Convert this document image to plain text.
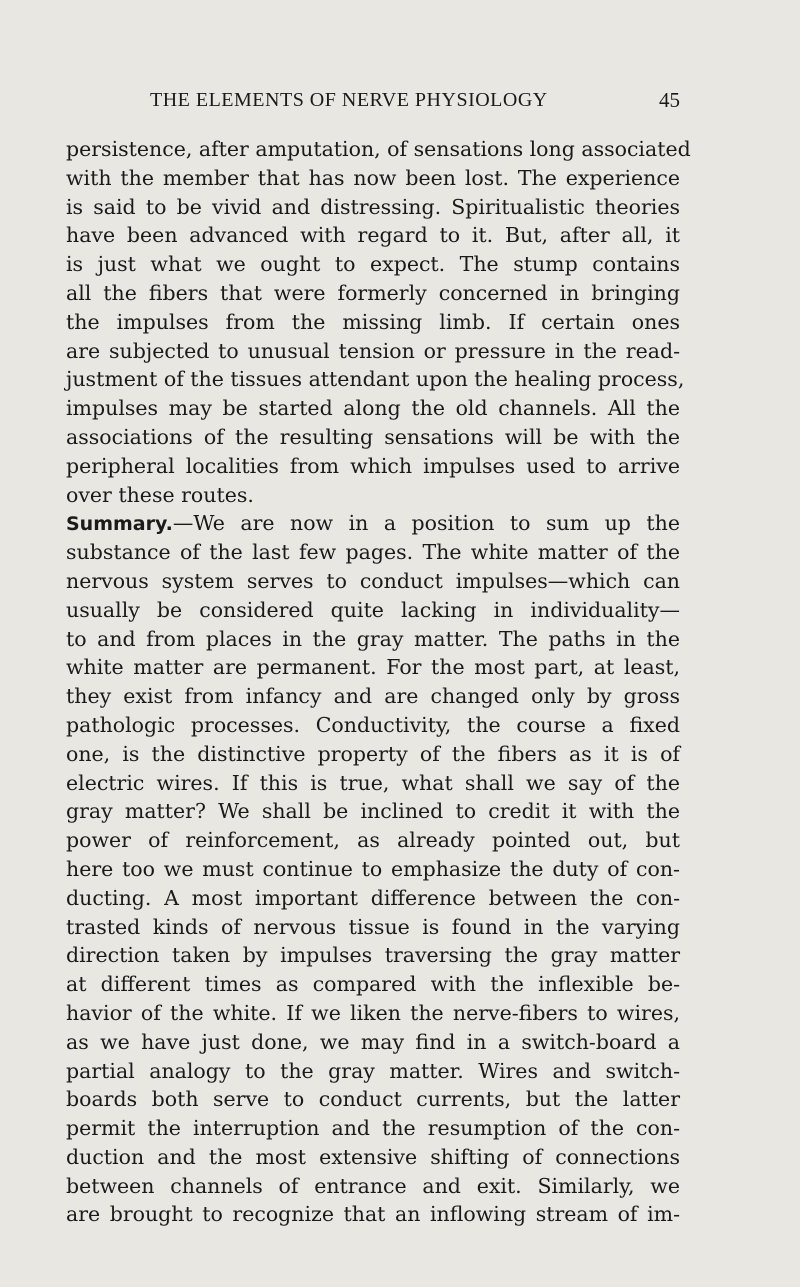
THE ELEMENTS OF NERVE PHYSIOLOGY	45
persistence, after amputation, of sensations long associated
with the member that has now been lost. The experience
is said to be vivid and distressing. Spiritualistic theories
have been advanced with regard to it. But, after all, it
is just what we ought to expect. The stump contains
all the fibers that were formerly concerned in bringing
the impulses from the missing limb. If certain ones
are subjected to unusual tension or pressure in the read-
justment of the tissues attendant upon the healing process,
impulses may be started along the old channels. All the
associations of the resulting sensations will be with the
peripheral localities from which impulses used to arrive
over these routes.
Summary.—We are now in a position to sum up the
substance of the last few pages. The white matter of the
nervous system serves to conduct impulses—which can
usually be considered quite lacking in individuality—
to and from places in the gray matter. The paths in the
white matter are permanent. For the most part, at least,
they exist from infancy and are changed only by gross
pathologic processes. Conductivity, the course a fixed
one, is the distinctive property of the fibers as it is of
electric wires. If this is true, what shall we say of the
gray matter? We shall be inclined to credit it with the
power of reinforcement, as already pointed out, but
here too we must continue to emphasize the duty of con-
ducting. A most important difference between the con-
trasted kinds of nervous tissue is found in the varying
direction taken by impulses traversing the gray matter
at different times as compared with the inflexible be-
havior of the white. If we liken the nerve-fibers to wires,
as we have just done, we may find in a switch-board a
partial analogy to the gray matter. Wires and switch-
boards both serve to conduct currents, but the latter
permit the interruption and the resumption of the con-
duction and the most extensive shifting of connections
between channels of entrance and exit. Similarly, we
are brought to recognize that an inflowing stream of im-
